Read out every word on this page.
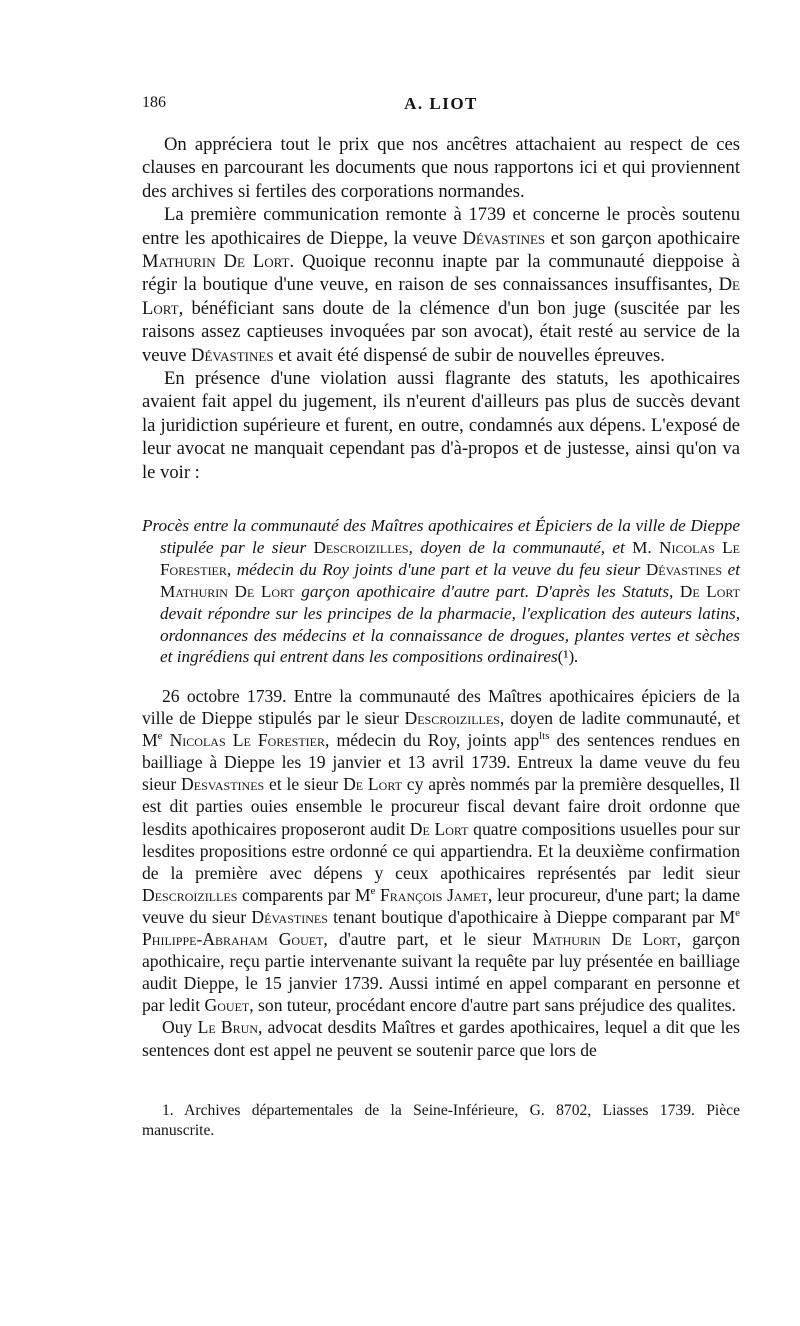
186	A. LIOT

On appréciera tout le prix que nos ancêtres attachaient au respect de ces clauses en parcourant les documents que nous rapportons ici et qui proviennent des archives si fertiles des corporations normandes.

La première communication remonte à 1739 et concerne le procès soutenu entre les apothicaires de Dieppe, la veuve Dévastines et son garçon apothicaire Mathurin De Lort. Quoique reconnu inapte par la communauté dieppoise à régir la boutique d'une veuve, en raison de ses connaissances insuffisantes, De Lort, bénéficiant sans doute de la clémence d'un bon juge (suscitée par les raisons assez captieuses invoquées par son avocat), était resté au service de la veuve Dévastines et avait été dispensé de subir de nouvelles épreuves.

En présence d'une violation aussi flagrante des statuts, les apothicaires avaient fait appel du jugement, ils n'eurent d'ailleurs pas plus de succès devant la juridiction supérieure et furent, en outre, condamnés aux dépens. L'exposé de leur avocat ne manquait cependant pas d'à-propos et de justesse, ainsi qu'on va le voir :

Procès entre la communauté des Maîtres apothicaires et Épiciers de la ville de Dieppe stipulée par le sieur Descroizilles, doyen de la communauté, et M. Nicolas Le Forestier, médecin du Roy joints d'une part et la veuve du feu sieur Dévastines et Mathurin De Lort garçon apothicaire d'autre part. D'après les Statuts, De Lort devait répondre sur les principes de la pharmacie, l'explication des auteurs latins, ordonnances des médecins et la connaissance de drogues, plantes vertes et sèches et ingrédiens qui entrent dans les compositions ordinaires(¹).

26 octobre 1739. Entre la communauté des Maîtres apothicaires épiciers de la ville de Dieppe stipulés par le sieur Descroizilles, doyen de ladite communauté, et Me Nicolas Le Forestier, médecin du Roy, joints app$^{lts}$ des sentences rendues en bailliage à Dieppe les 19 janvier et 13 avril 1739. Entreux la dame veuve du feu sieur Desvastines et le sieur De Lort cy après nommés par la première desquelles, Il est dit parties ouies ensemble le procureur fiscal devant faire droit ordonne que lesdits apothicaires proposeront audit De Lort quatre compositions usuelles pour sur lesdites propositions estre ordonné ce qui appartiendra. Et la deuxième confirmation de la première avec dépens y ceux apothicaires représentés par ledit sieur Descroizilles comparents par Me François Jamet, leur procureur, d'une part; la dame veuve du sieur Dévastines tenant boutique d'apothicaire à Dieppe comparant par Me Philippe-Abraham Gouet, d'autre part, et le sieur Mathurin De Lort, garçon apothicaire, reçu partie intervenante suivant la requête par luy présentée en bailliage audit Dieppe, le 15 janvier 1739. Aussi intimé en appel comparant en personne et par ledit Gouet, son tuteur, procédant encore d'autre part sans préjudice des qualites.

Ouy Le Brun, advocat desdits Maîtres et gardes apothicaires, lequel a dit que les sentences dont est appel ne peuvent se soutenir parce que lors de

1. Archives départementales de la Seine-Inférieure, G. 8702, Liasses 1739. Pièce manuscrite.
